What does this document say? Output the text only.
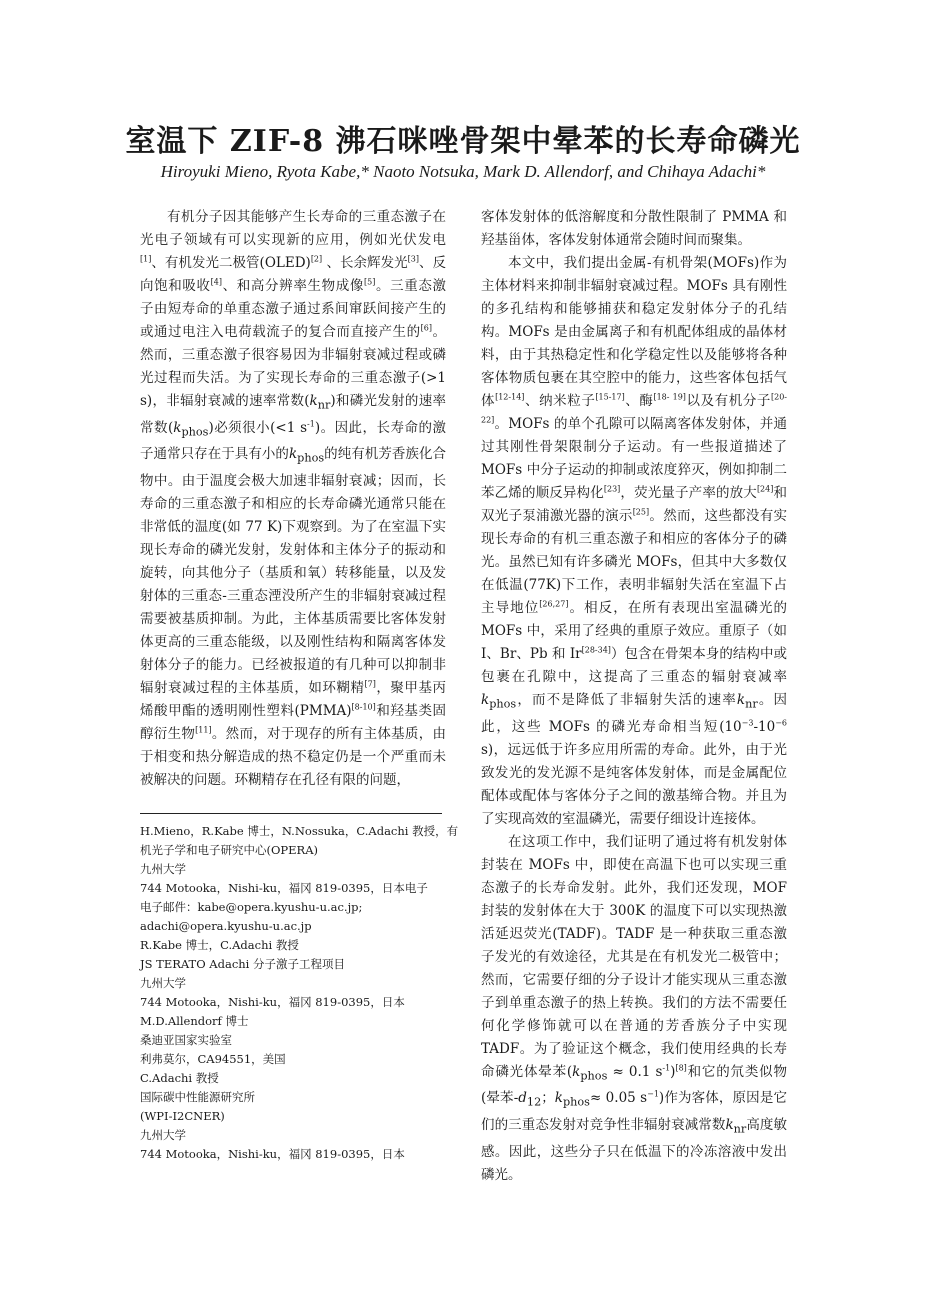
室温下 ZIF-8 沸石咪唑骨架中晕苯的长寿命磷光

Hiroyuki Mieno, Ryota Kabe,* Naoto Notsuka, Mark D. Allendorf, and Chihaya Adachi*

有机分子因其能够产生长寿命的三重态激子在光电子领域有可以实现新的应用，例如光伏发电[1]、有机发光二极管(OLED)[2] 、长余辉发光[3]、反向饱和吸收[4]、和高分辨率生物成像[5]。三重态激子由短寿命的单重态激子通过系间窜跃间接产生的或通过电注入电荷载流子的复合而直接产生的[6]。然而，三重态激子很容易因为非辐射衰减过程或磷光过程而失活。为了实现长寿命的三重态激子(>1 s)，非辐射衰减的速率常数$(k_{nr})$和磷光发射的速率常数$(k_{phos})$必须很小(<1 $s^{-1}$)。因此，长寿命的激子通常只存在于具有小的$k_{phos}$的纯有机芳香族化合物中。由于温度会极大加速非辐射衰减；因而，长寿命的三重态激子和相应的长寿命磷光通常只能在非常低的温度(如 77 K)下观察到。为了在室温下实现长寿命的磷光发射，发射体和主体分子的振动和旋转，向其他分子（基质和氧）转移能量，以及发射体的三重态-三重态湮没所产生的非辐射衰减过程需要被基质抑制。为此，主体基质需要比客体发射体更高的三重态能级，以及刚性结构和隔离客体发射体分子的能力。已经被报道的有几种可以抑制非辐射衰减过程的主体基质，如环糊精[7]，聚甲基丙烯酸甲酯的透明刚性塑料(PMMA)[8-10]和羟基类固醇衍生物[11]。然而，对于现存的所有主体基质，由于相变和热分解造成的热不稳定仍是一个严重而未被解决的问题。环糊精存在孔径有限的问题，

H.Mieno，R.Kabe 博士，N.Nossuka，C.Adachi 教授，有
机光子学和电子研究中心(OPERA)
九州大学
744 Motooka，Nishi-ku，福冈 819-0395，日本电子
电子邮件：kabe@opera.kyushu-u.ac.jp;
adachi@opera.kyushu-u.ac.jp
R.Kabe 博士，C.Adachi 教授
JS TERATO Adachi 分子激子工程项目
九州大学
744 Motooka，Nishi-ku，福冈 819-0395，日本
M.D.Allendorf 博士
桑迪亚国家实验室
利弗莫尔，CA94551，美国
C.Adachi 教授
国际碳中性能源研究所
(WPI-I2CNER)
九州大学
744 Motooka，Nishi-ku，福冈 819-0395，日本

客体发射体的低溶解度和分散性限制了 PMMA 和羟基甾体，客体发射体通常会随时间而聚集。

本文中，我们提出金属-有机骨架(MOFs)作为主体材料来抑制非辐射衰减过程。MOFs 具有刚性的多孔结构和能够捕获和稳定发射体分子的孔结构。MOFs 是由金属离子和有机配体组成的晶体材料，由于其热稳定性和化学稳定性以及能够将各种客体物质包裹在其空腔中的能力，这些客体包括气体[12-14]、纳米粒子[15-17]、酶[18- 19]以及有机分子[20-22]。MOFs 的单个孔隙可以隔离客体发射体，并通过其刚性骨架限制分子运动。有一些报道描述了 MOFs 中分子运动的抑制或浓度猝灭，例如抑制二苯乙烯的顺反异构化[23]，荧光量子产率的放大[24]和双光子泵浦激光器的演示[25]。然而，这些都没有实现长寿命的有机三重态激子和相应的客体分子的磷光。虽然已知有许多磷光 MOFs，但其中大多数仅在低温(77K)下工作，表明非辐射失活在室温下占主导地位[26,27]。相反，在所有表现出室温磷光的 MOFs 中，采用了经典的重原子效应。重原子（如 I、Br、Pb 和 Ir[28-34]）包含在骨架本身的结构中或包裹在孔隙中，这提高了三重态的辐射衰减率$k_{phos}$，而不是降低了非辐射失活的速率$k_{nr}$。因此，这些 MOFs 的磷光寿命相当短($10^{-3}-10^{-6}$ s)，远远低于许多应用所需的寿命。此外，由于光致发光的发光源不是纯客体发射体，而是金属配位配体或配体与客体分子之间的激基缔合物。并且为了实现高效的室温磷光，需要仔细设计连接体。

在这项工作中，我们证明了通过将有机发射体封装在 MOFs 中，即使在高温下也可以实现三重态激子的长寿命发射。此外，我们还发现，MOF 封装的发射体在大于 300K 的温度下可以实现热激活延迟荧光(TADF)。TADF 是一种获取三重态激子发光的有效途径，尤其是在有机发光二极管中；然而，它需要仔细的分子设计才能实现从三重态激子到单重态激子的热上转换。我们的方法不需要任何化学修饰就可以在普通的芳香族分子中实现 TADF。为了验证这个概念，我们使用经典的长寿命磷光体晕苯($k_{phos} \approx 0.1$ $s^{-1})[8]$和它的氘类似物(晕苯$-d_{12}$；$k_{phos}\approx 0.05$ $s^{-1}$)作为客体，原因是它们的三重态发射对竞争性非辐射衰减常数$k_{nr}$高度敏感。因此，这些分子只在低温下的冷冻溶液中发出磷光。
